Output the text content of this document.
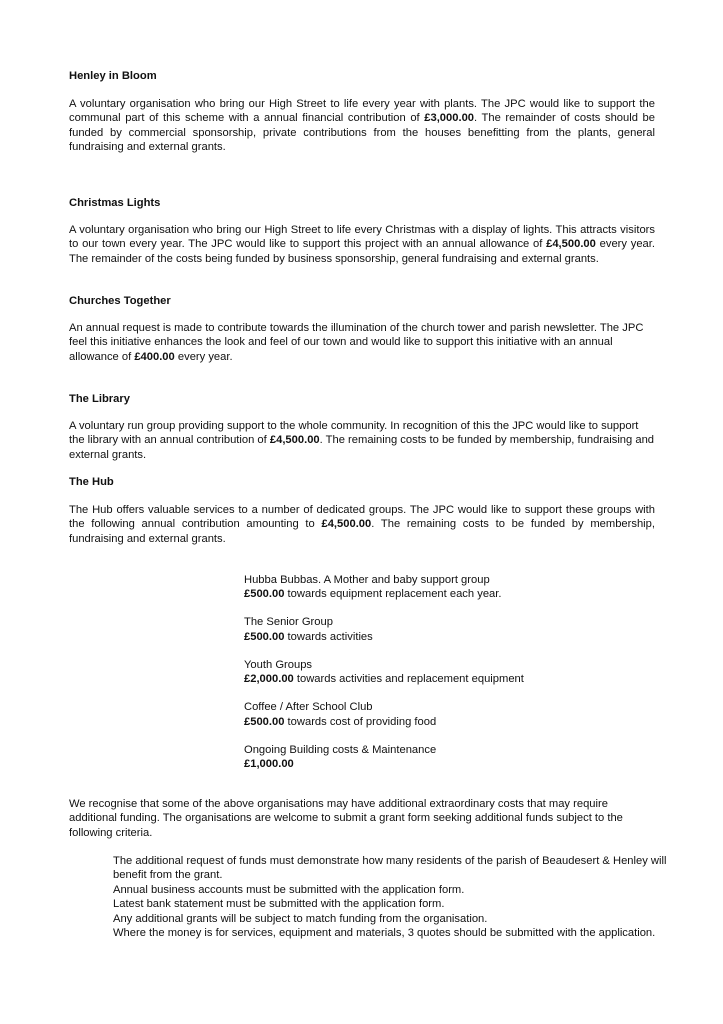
Henley in Bloom

A voluntary organisation who bring our High Street to life every year with plants. The JPC would like to support the communal part of this scheme with a annual financial contribution of £3,000.00. The remainder of costs should be funded by commercial sponsorship, private contributions from the houses benefitting from the plants, general fundraising and external grants.

Christmas Lights

A voluntary organisation who bring our High Street to life every Christmas with a display of lights. This attracts visitors to our town every year. The JPC would like to support this project with an annual allowance of £4,500.00 every year. The remainder of the costs being funded by business sponsorship, general fundraising and external grants.

Churches Together

An annual request is made to contribute towards the illumination of the church tower and parish newsletter. The JPC feel this initiative enhances the look and feel of our town and would like to support this initiative with an annual allowance of £400.00 every year.

The Library

A voluntary run group providing support to the whole community. In recognition of this the JPC would like to support the library with an annual contribution of £4,500.00. The remaining costs to be funded by membership, fundraising and external grants.

The Hub

The Hub offers valuable services to a number of dedicated groups. The JPC would like to support these groups with the following annual contribution amounting to £4,500.00. The remaining costs to be funded by membership, fundraising and external grants.

Hubba Bubbas. A Mother and baby support group
£500.00 towards equipment replacement each year.
The Senior Group
£500.00 towards activities
Youth Groups
£2,000.00 towards activities and replacement equipment
Coffee / After School Club
£500.00 towards cost of providing food
Ongoing Building costs & Maintenance
£1,000.00

We recognise that some of the above organisations may have additional extraordinary costs that may require additional funding. The organisations are welcome to submit a grant form seeking additional funds subject to the following criteria.

The additional request of funds must demonstrate how many residents of the parish of Beaudesert & Henley will benefit from the grant.

Annual business accounts must be submitted with the application form.

Latest bank statement must be submitted with the application form.

Any additional grants will be subject to match funding from the organisation.

Where the money is for services, equipment and materials, 3 quotes should be submitted with the application.
